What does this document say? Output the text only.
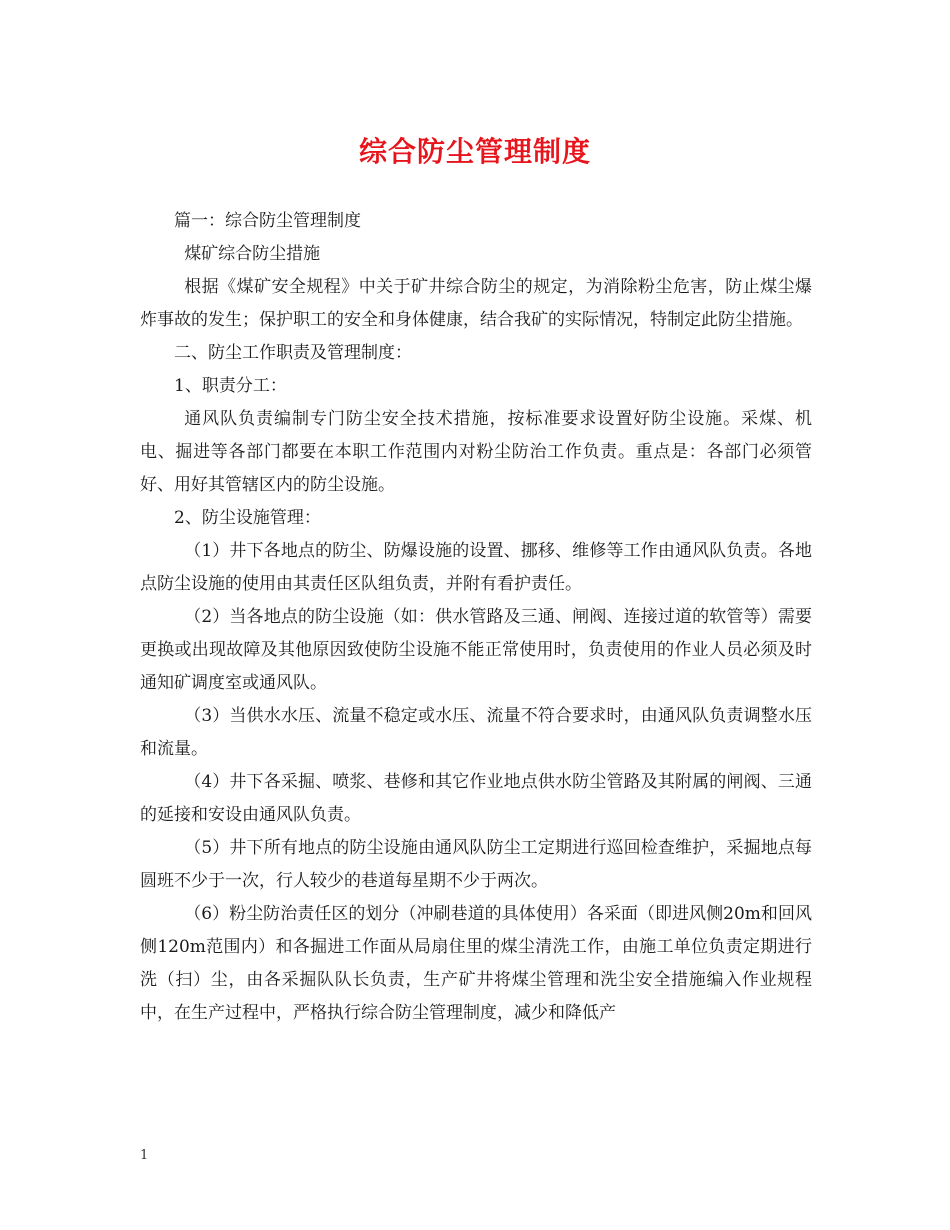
综合防尘管理制度

篇一：综合防尘管理制度

煤矿综合防尘措施

根据《煤矿安全规程》中关于矿井综合防尘的规定，为消除粉尘危害，防止煤尘爆炸事故的发生；保护职工的安全和身体健康，结合我矿的实际情况，特制定此防尘措施。

二、防尘工作职责及管理制度：

1、职责分工：

通风队负责编制专门防尘安全技术措施，按标准要求设置好防尘设施。采煤、机电、掘进等各部门都要在本职工作范围内对粉尘防治工作负责。重点是：各部门必须管好、用好其管辖区内的防尘设施。

2、防尘设施管理：

（1）井下各地点的防尘、防爆设施的设置、挪移、维修等工作由通风队负责。各地点防尘设施的使用由其责任区队组负责，并附有看护责任。

（2）当各地点的防尘设施（如：供水管路及三通、闸阀、连接过道的软管等）需要更换或出现故障及其他原因致使防尘设施不能正常使用时，负责使用的作业人员必须及时通知矿调度室或通风队。

（3）当供水水压、流量不稳定或水压、流量不符合要求时，由通风队负责调整水压和流量。

（4）井下各采掘、喷浆、巷修和其它作业地点供水防尘管路及其附属的闸阀、三通的延接和安设由通风队负责。

（5）井下所有地点的防尘设施由通风队防尘工定期进行巡回检查维护，采掘地点每圆班不少于一次，行人较少的巷道每星期不少于两次。

（6）粉尘防治责任区的划分（冲刷巷道的具体使用）各采面（即进风侧20m和回风侧120m范围内）和各掘进工作面从局扇住里的煤尘清洗工作，由施工单位负责定期进行洗（扫）尘，由各采掘队队长负责，生产矿井将煤尘管理和洗尘安全措施编入作业规程中，在生产过程中，严格执行综合防尘管理制度，减少和降低产

1
